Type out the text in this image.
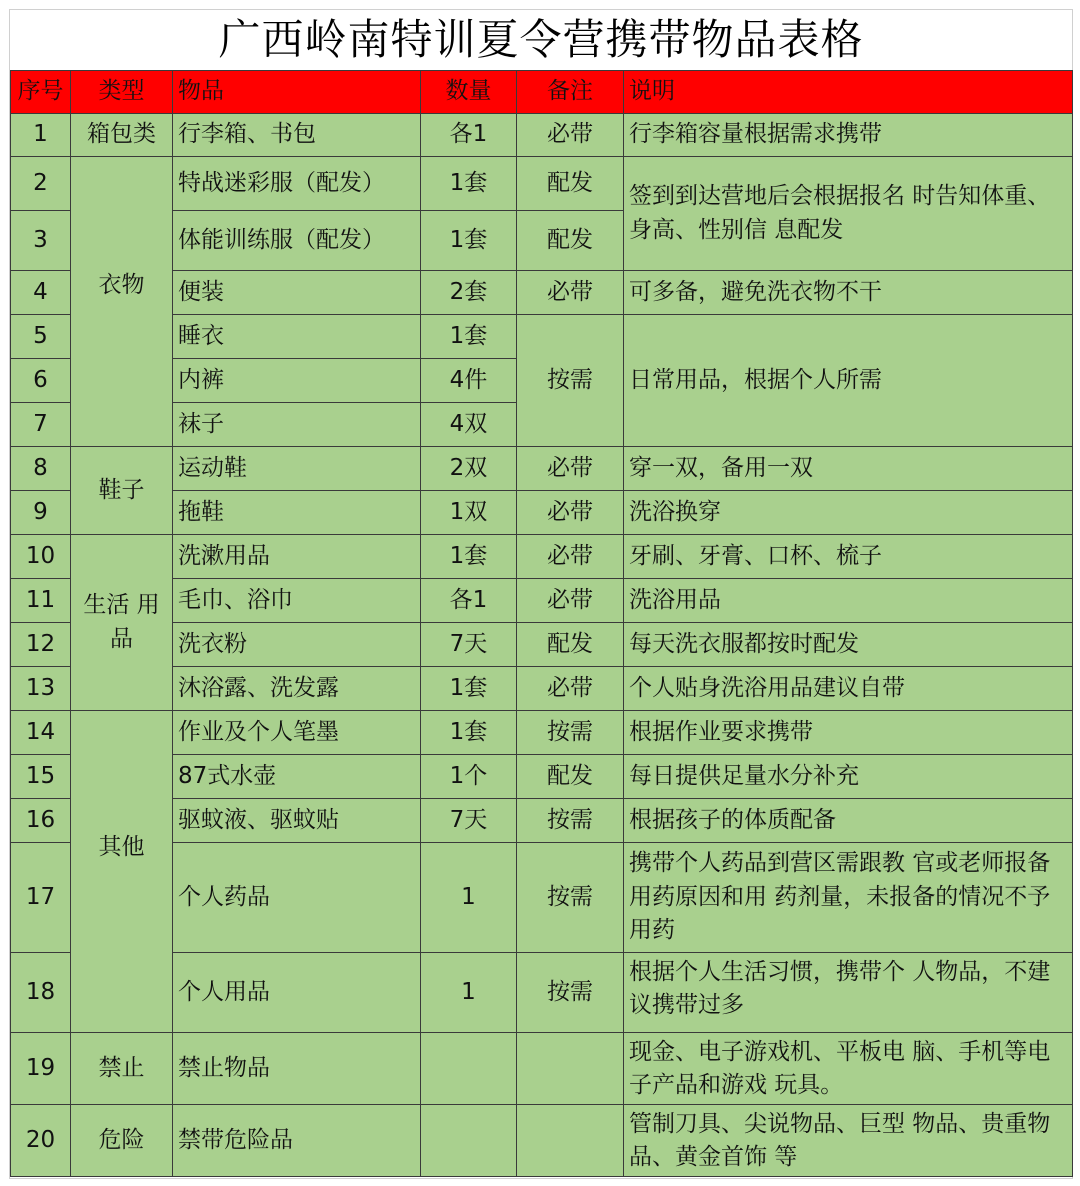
广西岭南特训夏令营携带物品表格
序号	类型	物品	数量	备注	说明
1	箱包类	行李箱、书包	各1	必带	行李箱容量根据需求携带
2	衣物	特战迷彩服（配发）	1套	配发	签到到达营地后会根据报名 时告知体重、身高、性别信 息配发
3		体能训练服（配发）	1套	配发	
4		便装	2套	必带	可多备，避免洗衣物不干
5		睡衣	1套	按需	日常用品，根据个人所需
6		内裤	4件		
7		袜子	4双		
8	鞋子	运动鞋	2双	必带	穿一双，备用一双
9		拖鞋	1双	必带	洗浴换穿
10	生活 用品	洗漱用品	1套	必带	牙刷、牙膏、口杯、梳子
11		毛巾、浴巾	各1	必带	洗浴用品
12		洗衣粉	7天	配发	每天洗衣服都按时配发
13		沐浴露、洗发露	1套	必带	个人贴身洗浴用品建议自带
14	其他	作业及个人笔墨	1套	按需	根据作业要求携带
15		87式水壶	1个	配发	每日提供足量水分补充
16		驱蚊液、驱蚊贴	7天	按需	根据孩子的体质配备
17		个人药品	1	按需	携带个人药品到营区需跟教 官或老师报备用药原因和用 药剂量，未报备的情况不予 用药
18		个人用品	1	按需	根据个人生活习惯，携带个 人物品，不建议携带过多
19	禁止	禁止物品			现金、电子游戏机、平板电 脑、手机等电子产品和游戏 玩具。
20	危险	禁带危险品			管制刀具、尖说物品、巨型 物品、贵重物品、黄金首饰 等
